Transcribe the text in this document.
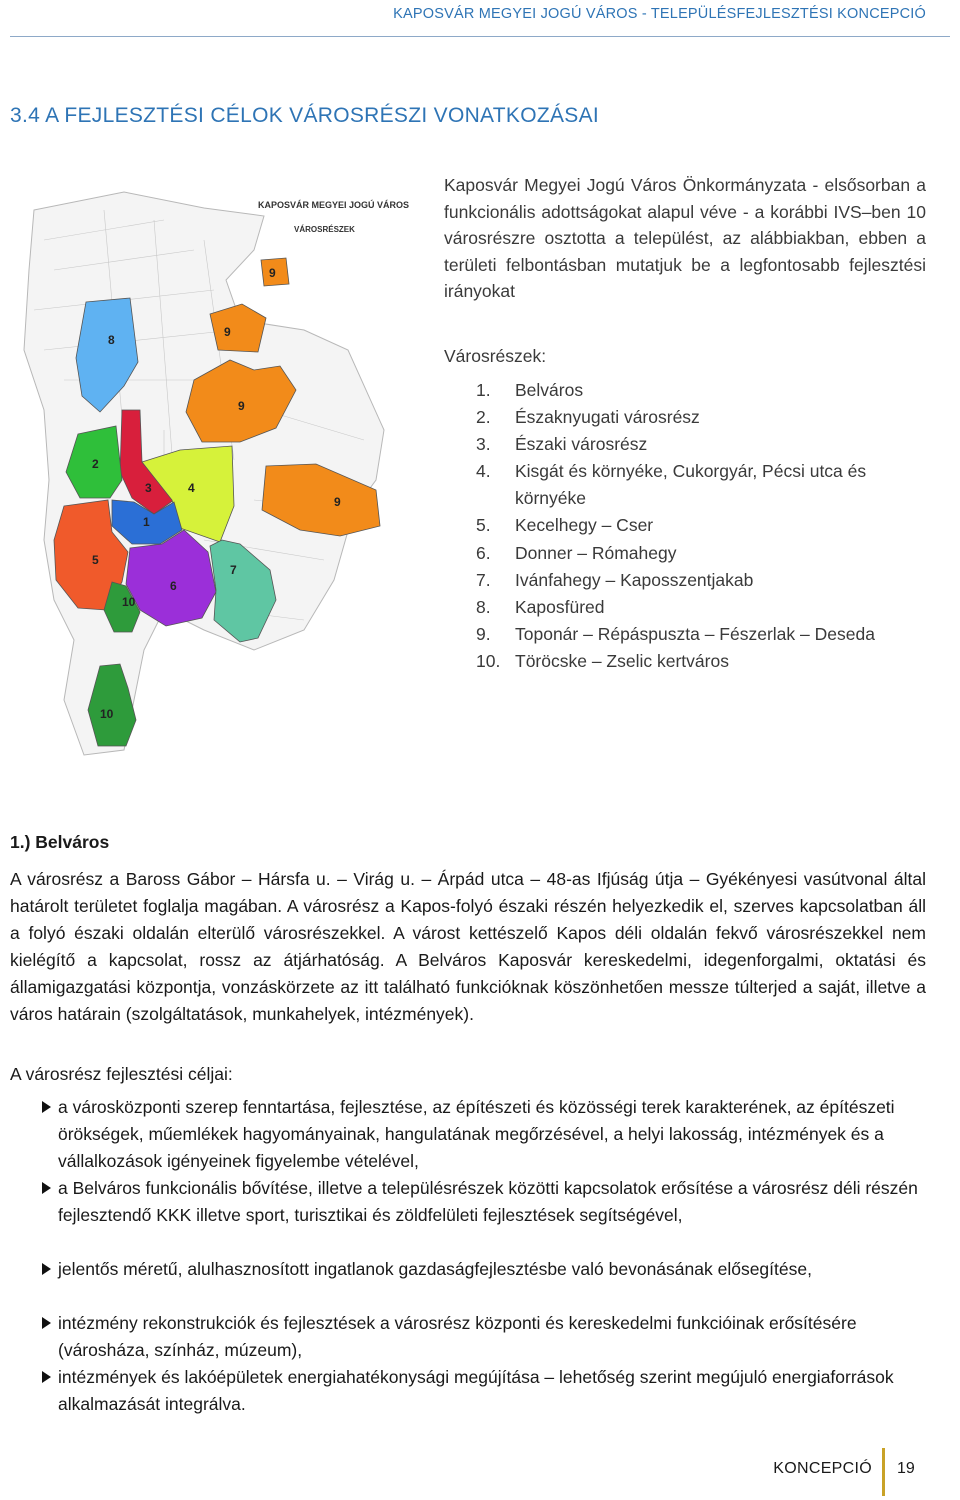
KAPOSVÁR MEGYEI JOGÚ VÁROS - TELEPÜLÉSFEJLESZTÉSI KONCEPCIÓ
3.4 A FEJLESZTÉSI CÉLOK VÁROSRÉSZI VONATKOZÁSAI
KAPOSVÁR MEGYEI JOGÚ VÁROS
VÁROSRÉSZEK
1
2
3	4
5
6
7
8
9
9
9
9
10
10

Kaposvár Megyei Jogú Város Önkormányzata - elsősorban a funkcionális adottságokat alapul véve - a korábbi IVS–ben 10 városrészre osztotta a települést, az alábbiakban, ebben a területi felbontásban mutatjuk be a legfontosabb fejlesztési irányokat

Városrészek:

1. Belváros
2. Északnyugati városrész
3. Északi városrész
4. Kisgát és környéke, Cukorgyár, Pécsi utca és környéke
5. Kecelhegy – Cser
6. Donner – Rómahegy
7. Ivánfahegy – Kaposszentjakab
8. Kaposfüred
9. Toponár – Répáspuszta – Fészerlak – Deseda
10. Töröcske – Zselic kertváros
1.) Belváros

A városrész a Baross Gábor – Hársfa u. – Virág u. – Árpád utca – 48-as Ifjúság útja – Gyékényesi vasútvonal által határolt területet foglalja magában. A városrész a Kapos-folyó északi részén helyezkedik el, szerves kapcsolatban áll a folyó északi oldalán elterülő városrészekkel. A várost kettészelő Kapos déli oldalán fekvő városrészekkel nem kielégítő a kapcsolat, rossz az átjárhatóság. A Belváros Kaposvár kereskedelmi, idegenforgalmi, oktatási és államigazgatási központja, vonzáskörzete az itt található funkcióknak köszönhetően messze túlterjed a saját, illetve a város határain (szolgáltatások, munkahelyek, intézmények).

A városrész fejlesztési céljai:

a városközponti szerep fenntartása, fejlesztése, az építészeti és közösségi terek karakterének, az építészeti örökségek, műemlékek hagyományainak, hangulatának megőrzésével, a helyi lakosság, intézmények és a vállalkozások igényeinek figyelembe vételével,
a Belváros funkcionális bővítése, illetve a településrészek közötti kapcsolatok erősítése a városrész déli részén fejlesztendő KKK illetve sport, turisztikai és zöldfelületi fejlesztések segítségével,
jelentős méretű, alulhasznosított ingatlanok gazdaságfejlesztésbe való bevonásának elősegítése,
intézmény rekonstrukciók és fejlesztések a városrész központi és kereskedelmi funkcióinak erősítésére (városháza, színház, múzeum),
intézmények és lakóépületek energiahatékonysági megújítása – lehetőség szerint megújuló energiaforrások alkalmazását integrálva.
KONCEPCIÓ 19
